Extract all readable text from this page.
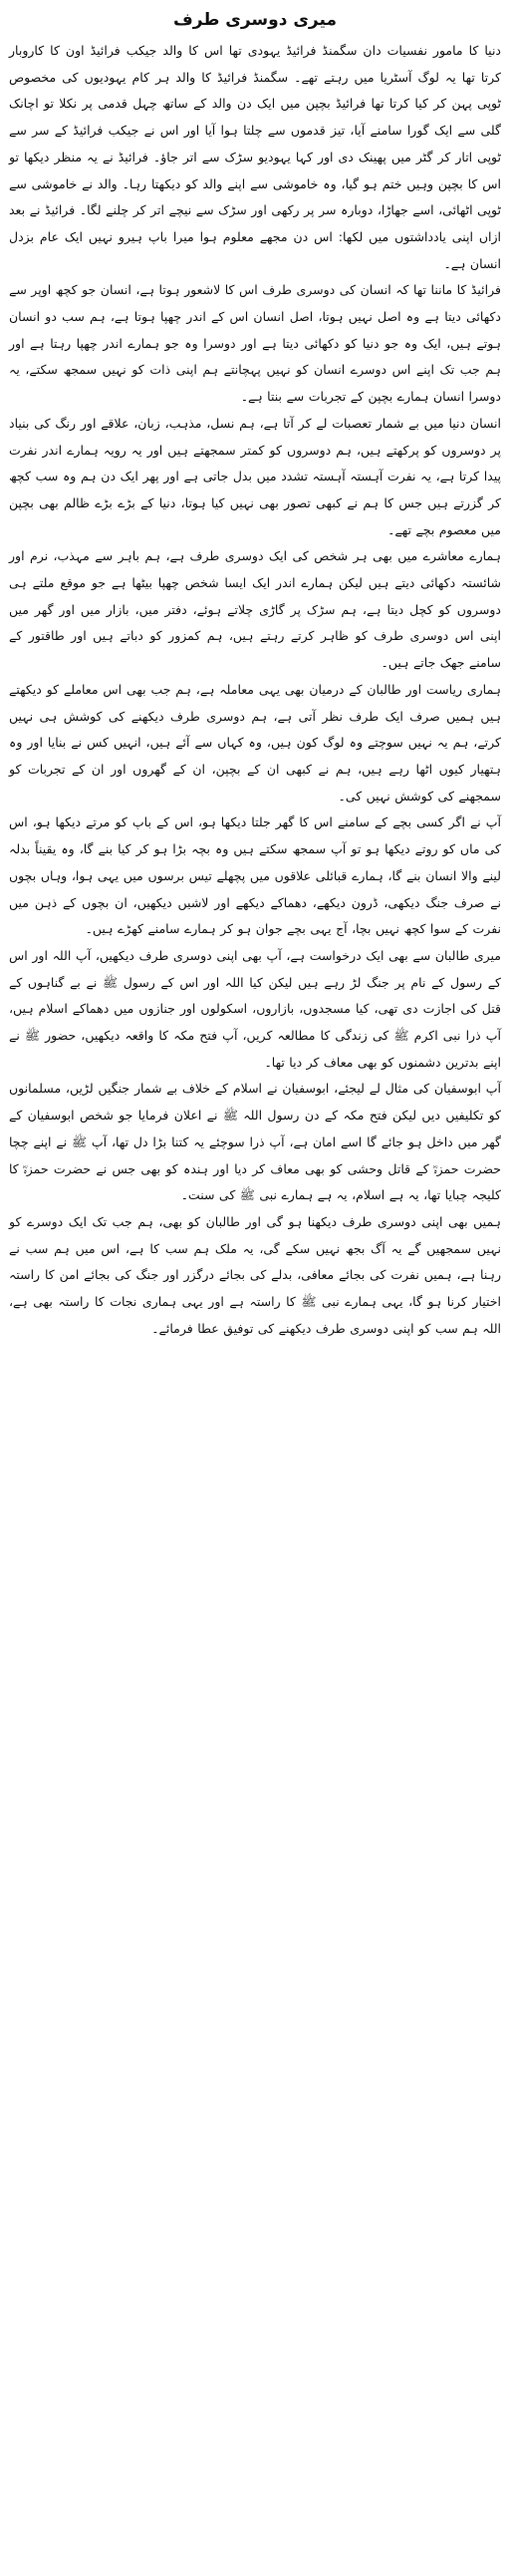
میری دوسری طرف

دنیا کا مامور نفسیات دان سگمنڈ فرائیڈ یہودی تھا اس کا والد جیکب فرائیڈ اون کا کاروبار کرتا تھا یہ لوگ آسٹریا میں رہتے تھے۔ سگمنڈ فرائیڈ کا والد ہر کام یہودیوں کی مخصوص ٹوپی پہن کر کیا کرتا تھا فرائیڈ بچپن میں ایک دن والد کے ساتھ چہل قدمی پر نکلا تو اچانک گلی سے ایک گورا سامنے آیا، تیز قدموں سے چلتا ہوا آیا اور اس نے جیکب فرائیڈ کے سر سے ٹوپی اتار کر گٹر میں پھینک دی اور کہا یہودیو سڑک سے اتر جاؤ۔ فرائیڈ نے یہ منظر دیکھا تو اس کا بچپن وہیں ختم ہو گیا، وہ خاموشی سے اپنے والد کو دیکھتا رہا۔ والد نے خاموشی سے ٹوپی اٹھائی، اسے جھاڑا، دوبارہ سر پر رکھی اور سڑک سے نیچے اتر کر چلنے لگا۔ فرائیڈ نے بعد ازاں اپنی یادداشتوں میں لکھا: اس دن مجھے معلوم ہوا میرا باپ ہیرو نہیں ایک عام بزدل انسان ہے۔

فرائیڈ کا ماننا تھا کہ انسان کی دوسری طرف اس کا لاشعور ہوتا ہے، انسان جو کچھ اوپر سے دکھائی دیتا ہے وہ اصل نہیں ہوتا، اصل انسان اس کے اندر چھپا ہوتا ہے، ہم سب دو انسان ہوتے ہیں، ایک وہ جو دنیا کو دکھائی دیتا ہے اور دوسرا وہ جو ہمارے اندر چھپا رہتا ہے اور ہم جب تک اپنے اس دوسرے انسان کو نہیں پہچانتے ہم اپنی ذات کو نہیں سمجھ سکتے، یہ دوسرا انسان ہمارے بچپن کے تجربات سے بنتا ہے۔

انسان دنیا میں بے شمار تعصبات لے کر آتا ہے، ہم نسل، مذہب، زبان، علاقے اور رنگ کی بنیاد پر دوسروں کو پرکھتے ہیں، ہم دوسروں کو کمتر سمجھتے ہیں اور یہ رویہ ہمارے اندر نفرت پیدا کرتا ہے، یہ نفرت آہستہ آہستہ تشدد میں بدل جاتی ہے اور پھر ایک دن ہم وہ سب کچھ کر گزرتے ہیں جس کا ہم نے کبھی تصور بھی نہیں کیا ہوتا، دنیا کے بڑے بڑے ظالم بھی بچپن میں معصوم بچے تھے۔

ہمارے معاشرے میں بھی ہر شخص کی ایک دوسری طرف ہے، ہم باہر سے مہذب، نرم اور شائستہ دکھائی دیتے ہیں لیکن ہمارے اندر ایک ایسا شخص چھپا بیٹھا ہے جو موقع ملتے ہی دوسروں کو کچل دیتا ہے، ہم سڑک پر گاڑی چلاتے ہوئے، دفتر میں، بازار میں اور گھر میں اپنی اس دوسری طرف کو ظاہر کرتے رہتے ہیں، ہم کمزور کو دباتے ہیں اور طاقتور کے سامنے جھک جاتے ہیں۔

ہماری ریاست اور طالبان کے درمیان بھی یہی معاملہ ہے، ہم جب بھی اس معاملے کو دیکھتے ہیں ہمیں صرف ایک طرف نظر آتی ہے، ہم دوسری طرف دیکھنے کی کوشش ہی نہیں کرتے، ہم یہ نہیں سوچتے وہ لوگ کون ہیں، وہ کہاں سے آئے ہیں، انہیں کس نے بنایا اور وہ ہتھیار کیوں اٹھا رہے ہیں، ہم نے کبھی ان کے بچپن، ان کے گھروں اور ان کے تجربات کو سمجھنے کی کوشش نہیں کی۔

آپ نے اگر کسی بچے کے سامنے اس کا گھر جلتا دیکھا ہو، اس کے باپ کو مرتے دیکھا ہو، اس کی ماں کو روتے دیکھا ہو تو آپ سمجھ سکتے ہیں وہ بچہ بڑا ہو کر کیا بنے گا، وہ یقیناً بدلہ لینے والا انسان بنے گا، ہمارے قبائلی علاقوں میں پچھلے تیس برسوں میں یہی ہوا، وہاں بچوں نے صرف جنگ دیکھی، ڈرون دیکھے، دھماکے دیکھے اور لاشیں دیکھیں، ان بچوں کے ذہن میں نفرت کے سوا کچھ نہیں بچا، آج یہی بچے جوان ہو کر ہمارے سامنے کھڑے ہیں۔

میری طالبان سے بھی ایک درخواست ہے، آپ بھی اپنی دوسری طرف دیکھیں، آپ اللہ اور اس کے رسول کے نام پر جنگ لڑ رہے ہیں لیکن کیا اللہ اور اس کے رسول ﷺ نے بے گناہوں کے قتل کی اجازت دی تھی، کیا مسجدوں، بازاروں، اسکولوں اور جنازوں میں دھماکے اسلام ہیں، آپ ذرا نبی اکرم ﷺ کی زندگی کا مطالعہ کریں، آپ فتح مکہ کا واقعہ دیکھیں، حضور ﷺ نے اپنے بدترین دشمنوں کو بھی معاف کر دیا تھا۔

آپ ابوسفیان کی مثال لے لیجئے، ابوسفیان نے اسلام کے خلاف بے شمار جنگیں لڑیں، مسلمانوں کو تکلیفیں دیں لیکن فتح مکہ کے دن رسول اللہ ﷺ نے اعلان فرمایا جو شخص ابوسفیان کے گھر میں داخل ہو جائے گا اسے امان ہے، آپ ذرا سوچئے یہ کتنا بڑا دل تھا، آپ ﷺ نے اپنے چچا حضرت حمزہؓ کے قاتل وحشی کو بھی معاف کر دیا اور ہندہ کو بھی جس نے حضرت حمزہؓ کا کلیجہ چبایا تھا، یہ ہے اسلام، یہ ہے ہمارے نبی ﷺ کی سنت۔

ہمیں بھی اپنی دوسری طرف دیکھنا ہو گی اور طالبان کو بھی، ہم جب تک ایک دوسرے کو نہیں سمجھیں گے یہ آگ بجھ نہیں سکے گی، یہ ملک ہم سب کا ہے، اس میں ہم سب نے رہنا ہے، ہمیں نفرت کی بجائے معافی، بدلے کی بجائے درگزر اور جنگ کی بجائے امن کا راستہ اختیار کرنا ہو گا، یہی ہمارے نبی ﷺ کا راستہ ہے اور یہی ہماری نجات کا راستہ بھی ہے، اللہ ہم سب کو اپنی دوسری طرف دیکھنے کی توفیق عطا فرمائے۔
